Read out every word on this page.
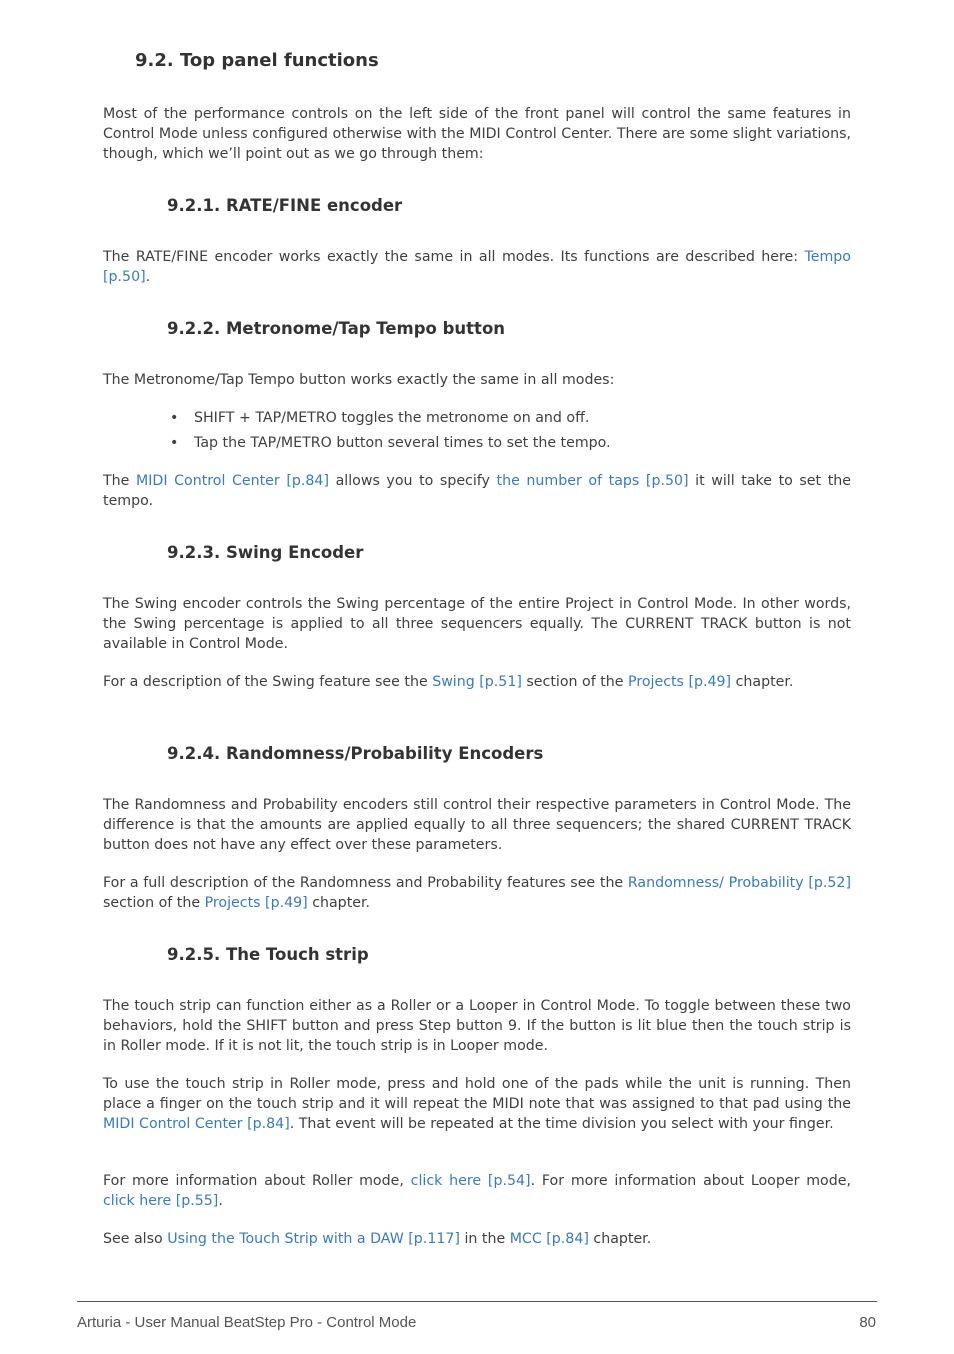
9.2. Top panel functions

Most of the performance controls on the left side of the front panel will control the same features in Control Mode unless configured otherwise with the MIDI Control Center. There are some slight variations, though, which we’ll point out as we go through them:

9.2.1. RATE/FINE encoder

The RATE/FINE encoder works exactly the same in all modes. Its functions are described here: Tempo [p.50].

9.2.2. Metronome/Tap Tempo button

The Metronome/Tap Tempo button works exactly the same in all modes:

• SHIFT + TAP/METRO toggles the metronome on and off.
• Tap the TAP/METRO button several times to set the tempo.

The MIDI Control Center [p.84] allows you to specify the number of taps [p.50] it will take to set the tempo.

9.2.3. Swing Encoder

The Swing encoder controls the Swing percentage of the entire Project in Control Mode. In other words, the Swing percentage is applied to all three sequencers equally. The CURRENT TRACK button is not available in Control Mode.

For a description of the Swing feature see the Swing [p.51] section of the Projects [p.49] chapter.

9.2.4. Randomness/Probability Encoders

The Randomness and Probability encoders still control their respective parameters in Control Mode. The difference is that the amounts are applied equally to all three sequencers; the shared CURRENT TRACK button does not have any effect over these parameters.

For a full description of the Randomness and Probability features see the Randomness/ Probability [p.52] section of the Projects [p.49] chapter.

9.2.5. The Touch strip

The touch strip can function either as a Roller or a Looper in Control Mode. To toggle between these two behaviors, hold the SHIFT button and press Step button 9. If the button is lit blue then the touch strip is in Roller mode. If it is not lit, the touch strip is in Looper mode.

To use the touch strip in Roller mode, press and hold one of the pads while the unit is running. Then place a finger on the touch strip and it will repeat the MIDI note that was assigned to that pad using the MIDI Control Center [p.84]. That event will be repeated at the time division you select with your finger.

For more information about Roller mode, click here [p.54]. For more information about Looper mode, click here [p.55].

See also Using the Touch Strip with a DAW [p.117] in the MCC [p.84] chapter.

Arturia - User Manual BeatStep Pro - Control Mode	80
